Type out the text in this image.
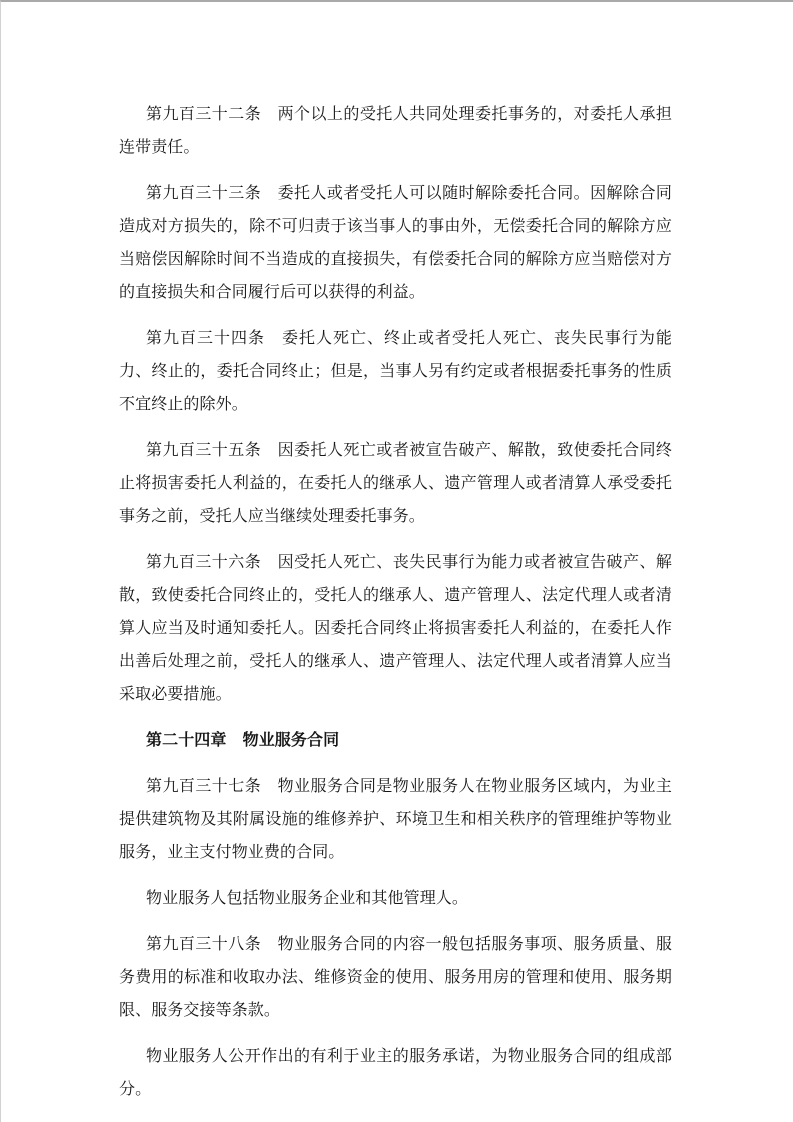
第九百三十二条　两个以上的受托人共同处理委托事务的，对委托人承担连带责任。

第九百三十三条　委托人或者受托人可以随时解除委托合同。因解除合同造成对方损失的，除不可归责于该当事人的事由外，无偿委托合同的解除方应当赔偿因解除时间不当造成的直接损失，有偿委托合同的解除方应当赔偿对方的直接损失和合同履行后可以获得的利益。

第九百三十四条　委托人死亡、终止或者受托人死亡、丧失民事行为能力、终止的，委托合同终止；但是，当事人另有约定或者根据委托事务的性质不宜终止的除外。

第九百三十五条　因委托人死亡或者被宣告破产、解散，致使委托合同终止将损害委托人利益的，在委托人的继承人、遗产管理人或者清算人承受委托事务之前，受托人应当继续处理委托事务。

第九百三十六条　因受托人死亡、丧失民事行为能力或者被宣告破产、解散，致使委托合同终止的，受托人的继承人、遗产管理人、法定代理人或者清算人应当及时通知委托人。因委托合同终止将损害委托人利益的，在委托人作出善后处理之前，受托人的继承人、遗产管理人、法定代理人或者清算人应当采取必要措施。

第二十四章　物业服务合同

第九百三十七条　物业服务合同是物业服务人在物业服务区域内，为业主提供建筑物及其附属设施的维修养护、环境卫生和相关秩序的管理维护等物业服务，业主支付物业费的合同。

物业服务人包括物业服务企业和其他管理人。

第九百三十八条　物业服务合同的内容一般包括服务事项、服务质量、服务费用的标准和收取办法、维修资金的使用、服务用房的管理和使用、服务期限、服务交接等条款。

物业服务人公开作出的有利于业主的服务承诺，为物业服务合同的组成部分。
